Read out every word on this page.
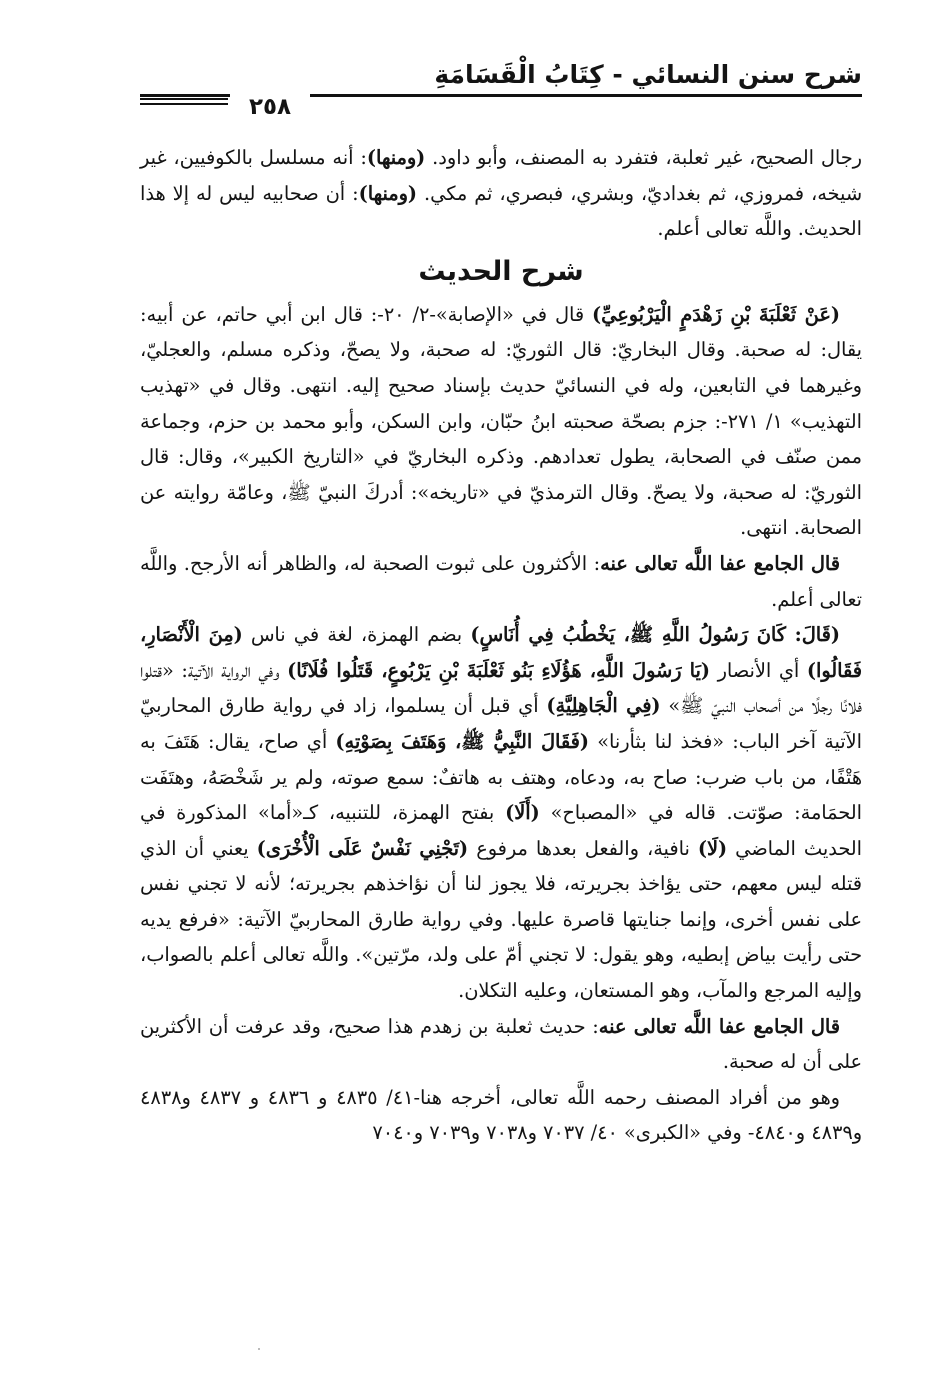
شرح سنن النسائي - كِتَابُ الْقَسَامَةِ
٢٥٨

رجال الصحيح، غير ثعلبة، فتفرد به المصنف، وأبو داود. (ومنها): أنه مسلسل بالكوفيين، غير شيخه، فمروزي، ثم بغداديّ، وبشري، فبصري، ثم مكي. (ومنها): أن صحابيه ليس له إلا هذا الحديث. واللَّه تعالى أعلم.

شرح الحديث

(عَنْ ثَعْلَبَةَ بْنِ زَهْدَمٍ الْيَرْبُوعِيِّ) قال في «الإصابة»-٢/ ٢٠-: قال ابن أبي حاتم، عن أبيه: يقال: له صحبة. وقال البخاريّ: قال الثوريّ: له صحبة، ولا يصحّ، وذكره مسلم، والعجليّ، وغيرهما في التابعين، وله في النسائيّ حديث بإسناد صحيح إليه. انتهى. وقال في «تهذيب التهذيب» ١/ ٢٧١-: جزم بصحّة صحبته ابنُ حبّان، وابن السكن، وأبو محمد بن حزم، وجماعة ممن صنّف في الصحابة، يطول تعدادهم. وذكره البخاريّ في «التاريخ الكبير»، وقال: قال الثوريّ: له صحبة، ولا يصحّ. وقال الترمذيّ في «تاريخه»: أدركَ النبيّ ﷺ، وعامّة روايته عن الصحابة. انتهى.

قال الجامع عفا اللَّه تعالى عنه: الأكثرون على ثبوت الصحبة له، والظاهر أنه الأرجح. واللَّه تعالى أعلم.

(قَالَ: كَانَ رَسُولُ اللَّهِ ﷺ، يَخْطُبُ فِي أُنَاسٍ) بضم الهمزة، لغة في ناس (مِنَ الْأَنْصَارِ، فَقَالُوا) أي الأنصار (يَا رَسُولَ اللَّهِ، هَؤُلَاءِ بَنُو ثَعْلَبَةَ بْنِ يَرْبُوعٍ، قَتَلُوا فُلَانًا) وفي الرواية الآتية: «قتلوا فلانًا رجلًا من أصحاب النبيّ ﷺ» (فِي الْجَاهِلِيَّةِ) أي قبل أن يسلموا، زاد في رواية طارق المحاربيّ الآتية آخر الباب: «فخذ لنا بثأرنا» (فَقَالَ النَّبِيُّ ﷺ، وَهَتَفَ بِصَوْتِهِ) أي صاح، يقال: هَتَفَ به هَتْفًا، من باب ضرب: صاح به، ودعاه، وهتف به هاتفٌ: سمع صوته، ولم ير شَخْصَهُ، وهتَفَت الحمَامة: صوّتت. قاله في «المصباح» (أَلَا) بفتح الهمزة، للتنبيه، كـ«أما» المذكورة في الحديث الماضي (لَا) نافية، والفعل بعدها مرفوع (تَجْنِي نَفْسٌ عَلَى الْأُخْرَى) يعني أن الذي قتله ليس معهم، حتى يؤاخذ بجريرته، فلا يجوز لنا أن نؤاخذهم بجريرته؛ لأنه لا تجني نفس على نفس أخرى، وإنما جنايتها قاصرة عليها. وفي رواية طارق المحاربيّ الآتية: «فرفع يديه حتى رأيت بياض إبطيه، وهو يقول: لا تجني أمّ على ولد، مرّتين». واللَّه تعالى أعلم بالصواب، وإليه المرجع والمآب، وهو المستعان، وعليه التكلان.

قال الجامع عفا اللَّه تعالى عنه: حديث ثعلبة بن زهدم هذا صحيح، وقد عرفت أن الأكثرين على أن له صحبة.

وهو من أفراد المصنف رحمه اللَّه تعالى، أخرجه هنا-٤١/ ٤٨٣٥ و ٤٨٣٦ و ٤٨٣٧ و٤٨٣٨ و٤٨٣٩ و٤٨٤٠- وفي «الكبرى» ٤٠/ ٧٠٣٧ و٧٠٣٨ و٧٠٣٩ و٧٠٤٠
